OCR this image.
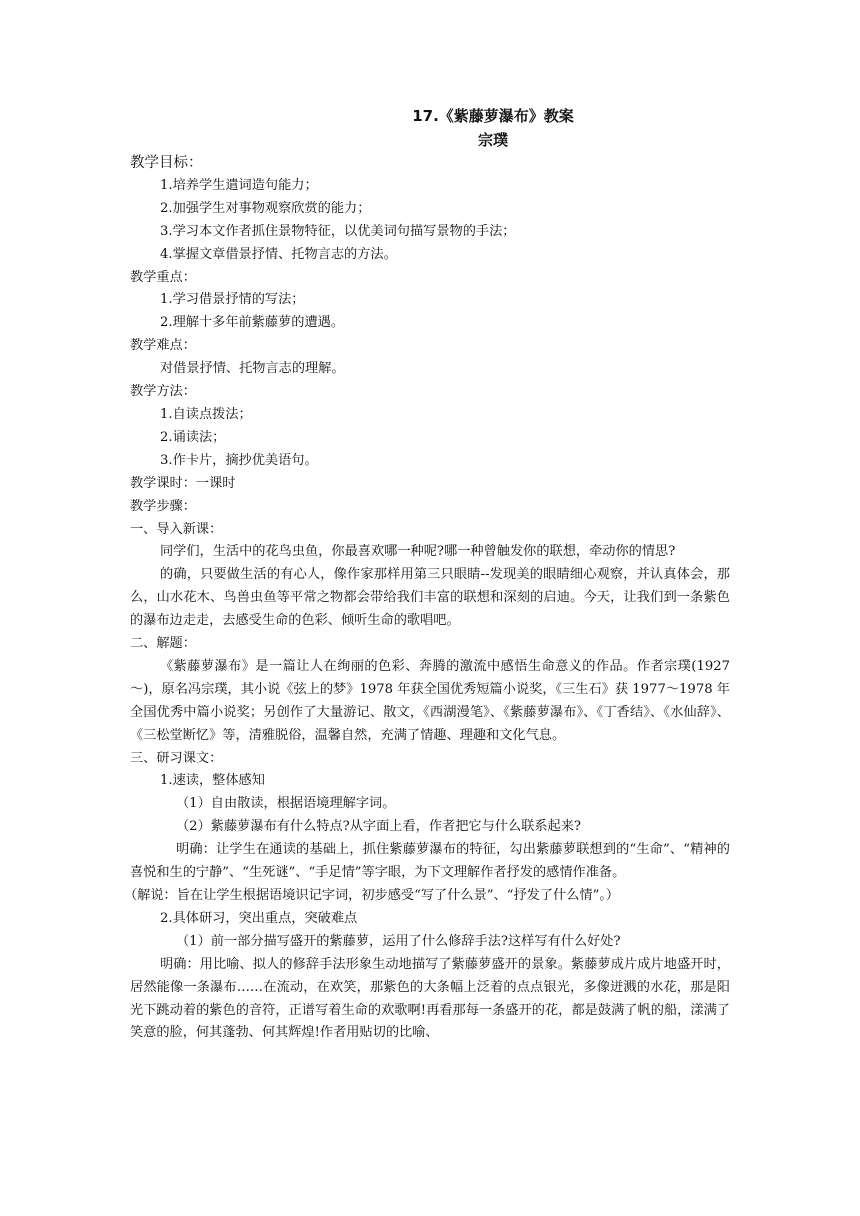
17.《紫藤萝瀑布》教案
宗璞

教学目标：

1.培养学生遣词造句能力；

2.加强学生对事物观察欣赏的能力；

3.学习本文作者抓住景物特征，以优美词句描写景物的手法；

4.掌握文章借景抒情、托物言志的方法。

教学重点：

1.学习借景抒情的写法；

2.理解十多年前紫藤萝的遭遇。

教学难点：

对借景抒情、托物言志的理解。

教学方法：

1.自读点拨法；

2.诵读法；

3.作卡片，摘抄优美语句。

教学课时：一课时

教学步骤：

一、导入新课：

同学们，生活中的花鸟虫鱼，你最喜欢哪一种呢?哪一种曾触发你的联想，牵动你的情思?

的确，只要做生活的有心人，像作家那样用第三只眼睛--发现美的眼睛细心观察，并认真体会，那么，山水花木、鸟兽虫鱼等平常之物都会带给我们丰富的联想和深刻的启迪。今天，让我们到一条紫色的瀑布边走走，去感受生命的色彩、倾听生命的歌唱吧。

二、解题：

《紫藤萝瀑布》是一篇让人在绚丽的色彩、奔腾的激流中感悟生命意义的作品。作者宗璞(1927～)，原名冯宗璞，其小说《弦上的梦》1978 年获全国优秀短篇小说奖，《三生石》获 1977～1978 年全国优秀中篇小说奖；另创作了大量游记、散文，《西湖漫笔》、《紫藤萝瀑布》、《丁香结》、《水仙辞》、《三松堂断忆》等，清雅脱俗，温馨自然，充满了情趣、理趣和文化气息。

三、研习课文：

1.速读，整体感知

（1）自由散读，根据语境理解字词。

（2）紫藤萝瀑布有什么特点?从字面上看，作者把它与什么联系起来?

明确：让学生在通读的基础上，抓住紫藤萝瀑布的特征，勾出紫藤萝联想到的“生命”、“精神的喜悦和生的宁静”、“生死谜”、“手足情”等字眼，为下文理解作者抒发的感情作准备。

（解说：旨在让学生根据语境识记字词，初步感受“写了什么景”、“抒发了什么情”。）

2.具体研习，突出重点，突破难点

（1）前一部分描写盛开的紫藤萝，运用了什么修辞手法?这样写有什么好处?

明确：用比喻、拟人的修辞手法形象生动地描写了紫藤萝盛开的景象。紫藤萝成片成片地盛开时，居然能像一条瀑布……在流动，在欢笑，那紫色的大条幅上泛着的点点银光，多像迸溅的水花，那是阳光下跳动着的紫色的音符，正谱写着生命的欢歌啊!再看那每一条盛开的花，都是鼓满了帆的船，漾满了笑意的脸，何其蓬勃、何其辉煌!作者用贴切的比喻、
